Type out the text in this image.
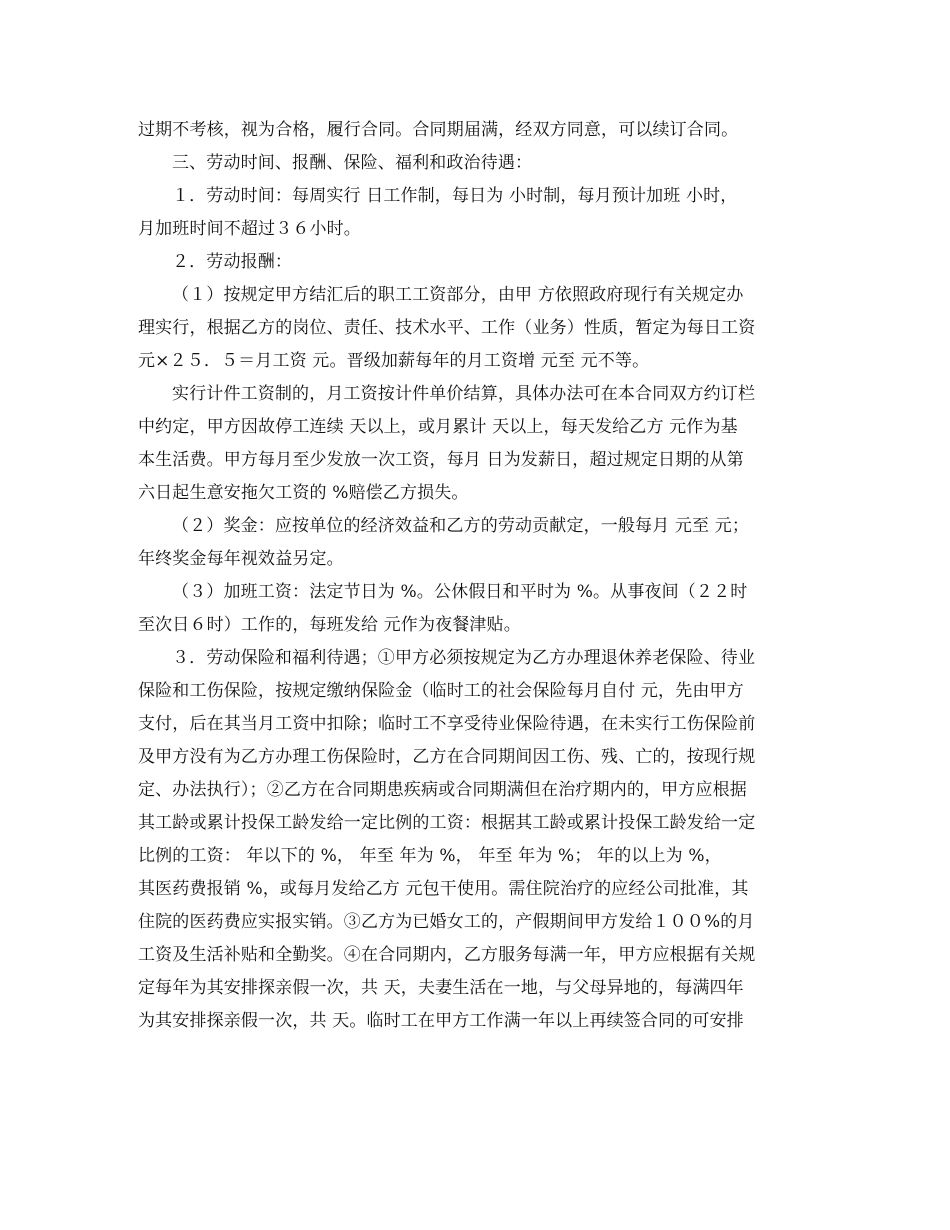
过期不考核，视为合格，履行合同。合同期届满，经双方同意，可以续订合同。
三、劳动时间、报酬、保险、福利和政治待遇：
１．劳动时间：每周实行 日工作制，每日为 小时制，每月预计加班 小时，
月加班时间不超过３６小时。
２．劳动报酬：
（１）按规定甲方结汇后的职工工资部分，由甲 方依照政府现行有关规定办
理实行，根据乙方的岗位、责任、技术水平、工作（业务）性质，暂定为每日工资
元×２５．５＝月工资 元。晋级加薪每年的月工资增 元至 元不等。
实行计件工资制的，月工资按计件单价结算，具体办法可在本合同双方约订栏
中约定，甲方因故停工连续 天以上，或月累计 天以上，每天发给乙方 元作为基
本生活费。甲方每月至少发放一次工资，每月 日为发薪日，超过规定日期的从第
六日起生意安拖欠工资的 %赔偿乙方损失。
（２）奖金：应按单位的经济效益和乙方的劳动贡献定，一般每月 元至 元；
年终奖金每年视效益另定。
（３）加班工资：法定节日为 %。公休假日和平时为 %。从事夜间（２２时
至次日６时）工作的，每班发给 元作为夜餐津贴。
３．劳动保险和福利待遇；①甲方必须按规定为乙方办理退休养老保险、待业
保险和工伤保险，按规定缴纳保险金（临时工的社会保险每月自付 元，先由甲方
支付，后在其当月工资中扣除；临时工不享受待业保险待遇，在未实行工伤保险前
及甲方没有为乙方办理工伤保险时，乙方在合同期间因工伤、残、亡的，按现行规
定、办法执行）；②乙方在合同期患疾病或合同期满但在治疗期内的，甲方应根据
其工龄或累计投保工龄发给一定比例的工资：根据其工龄或累计投保工龄发给一定
比例的工资： 年以下的 %， 年至 年为 %， 年至 年为 %； 年的以上为 %，
其医药费报销 %，或每月发给乙方 元包干使用。需住院治疗的应经公司批准，其
住院的医药费应实报实销。③乙方为已婚女工的，产假期间甲方发给１００%的月
工资及生活补贴和全勤奖。④在合同期内，乙方服务每满一年，甲方应根据有关规
定每年为其安排探亲假一次，共 天，夫妻生活在一地，与父母异地的，每满四年
为其安排探亲假一次，共 天。临时工在甲方工作满一年以上再续签合同的可安排
